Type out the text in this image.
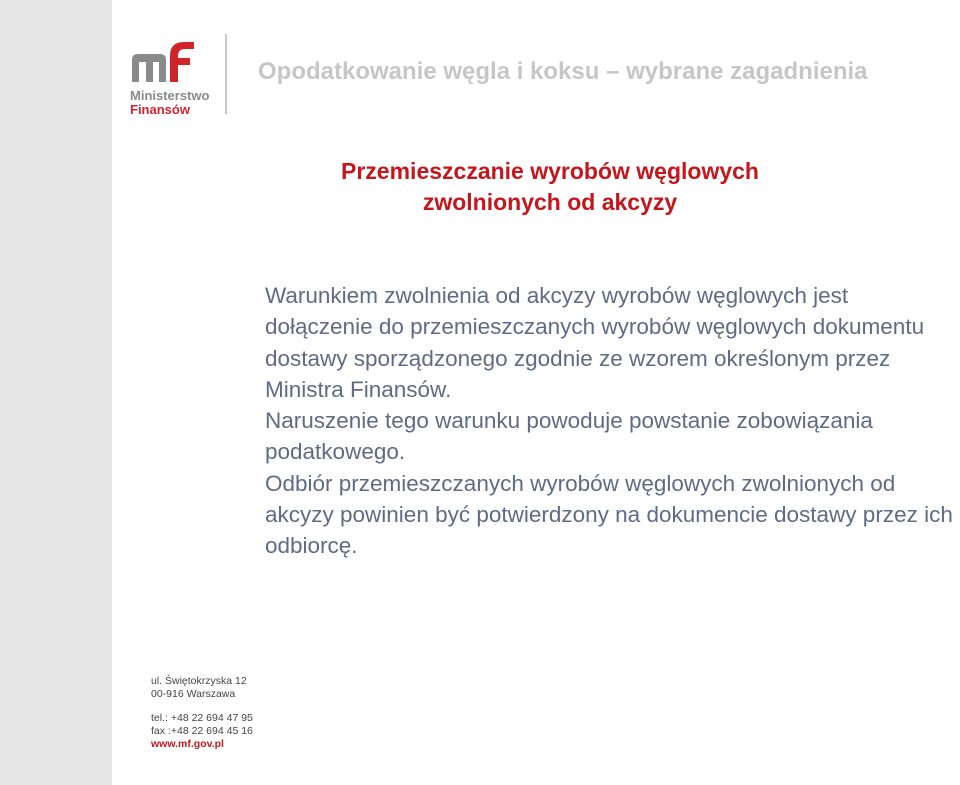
Ministerstwo
Finansów
Opodatkowanie węgla i koksu – wybrane zagadnienia
Przemieszczanie wyrobów węglowych
zwolnionych od akcyzy

Warunkiem zwolnienia od akcyzy wyrobów węglowych jest dołączenie do przemieszczanych wyrobów węglowych dokumentu dostawy sporządzonego zgodnie ze wzorem określonym przez Ministra Finansów.

Naruszenie tego warunku powoduje powstanie zobowiązania podatkowego.

Odbiór przemieszczanych wyrobów węglowych zwolnionych od akcyzy powinien być potwierdzony na dokumencie dostawy przez ich odbiorcę.

ul. Świętokrzyska 12
00-916 Warszawa
tel.: +48 22 694 47 95
fax :+48 22 694 45 16
www.mf.gov.pl
